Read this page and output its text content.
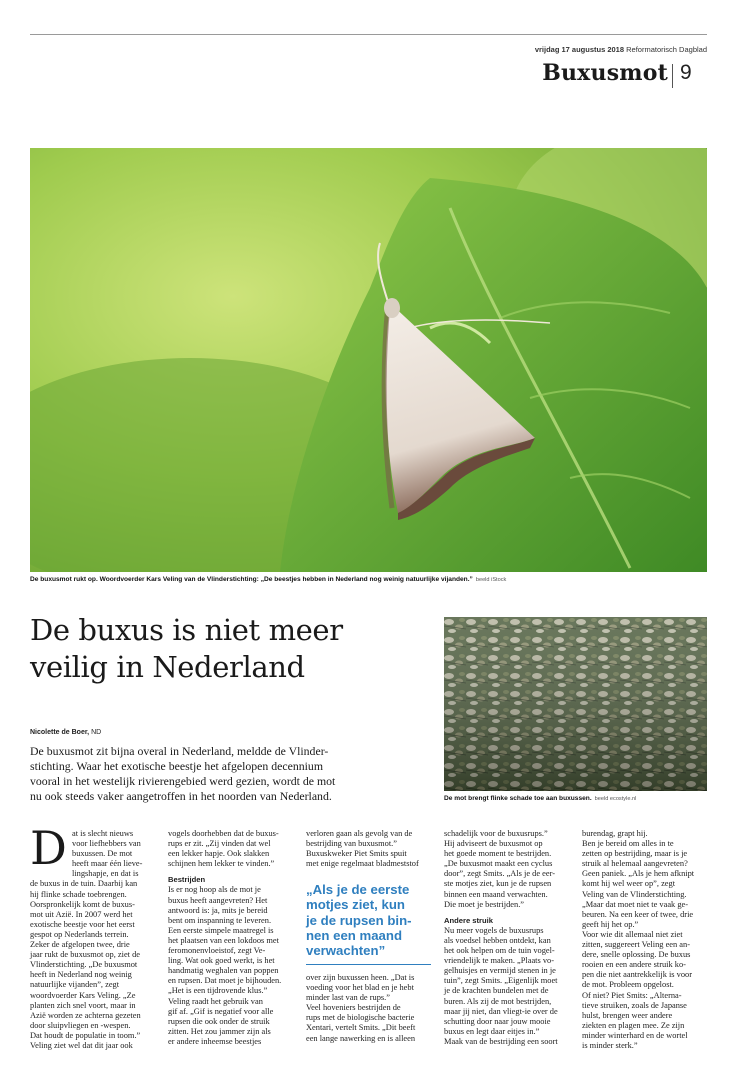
vrijdag 17 augustus 2018 Reformatorisch Dagblad
Buxusmot 9
De buxusmot rukt op. Woordvoerder Kars Veling van de Vlinderstichting: „De beestjes hebben in Nederland nog weinig natuurlijke vijanden.” beeld iStock
De buxus is niet meer
veilig in Nederland
Nicolette de Boer, ND
De buxusmot zit bijna overal in Nederland, meldde de Vlinder-
stichting. Waar het exotische beestje het afgelopen decennium
vooral in het westelijk rivierengebied werd gezien, wordt de mot
nu ook steeds vaker aangetroffen in het noorden van Nederland.	De mot brengt flinke schade toe aan buxussen. beeld ecostyle.nl
D at is slecht nieuws

voor liefhebbers van

buxussen. De mot

heeft maar één lieve-

lingshapje, en dat is

de buxus in de tuin. Daarbij kan

hij flinke schade toebrengen.

Oorspronkelijk komt de buxus-

mot uit Azië. In 2007 werd het

exotische beestje voor het eerst

gespot op Nederlands terrein.

Zeker de afgelopen twee, drie

jaar rukt de buxusmot op, ziet de

Vlinderstichting. „De buxusmot

heeft in Nederland nog weinig

natuurlijke vijanden”, zegt

woordvoerder Kars Veling. „Ze

planten zich snel voort, maar in

Azië worden ze achterna gezeten

door sluipvliegen en -wespen.

Dat houdt de populatie in toom.”

Veling ziet wel dat dit jaar ook

vogels doorhebben dat de buxus-

rups er zit. „Zij vinden dat wel

een lekker hapje. Ook slakken

schijnen hem lekker te vinden.”

Bestrijden

Is er nog hoop als de mot je

buxus heeft aangevreten? Het

antwoord is: ja, mits je bereid

bent om inspanning te leveren.

Een eerste simpele maatregel is

het plaatsen van een lokdoos met

feromonenvloeistof, zegt Ve-

ling. Wat ook goed werkt, is het

handmatig weghalen van poppen

en rupsen. Dat moet je bijhouden.

„Het is een tijdrovende klus.”

Veling raadt het gebruik van

gif af. „Gif is negatief voor alle

rupsen die ook onder de struik

zitten. Het zou jammer zijn als

er andere inheemse beestjes

verloren gaan als gevolg van de

bestrijding van buxusmot.”

Buxuskweker Piet Smits spuit

met enige regelmaat bladmeststof

„Als je de eerste
motjes ziet, kun
je de rupsen bin-
nen een maand
verwachten”

over zijn buxussen heen. „Dat is

voeding voor het blad en je hebt

minder last van de rups.”

Veel hoveniers bestrijden de

rups met de biologische bacterie

Xentari, vertelt Smits. „Dit beeft

een lange nawerking en is alleen

schadelijk voor de buxusrups.”

Hij adviseert de buxusmot op

het goede moment te bestrijden.

„De buxusmot maakt een cyclus

door”, zegt Smits. „Als je de eer-

ste motjes ziet, kun je de rupsen

binnen een maand verwachten.

Die moet je bestrijden.”

Andere struik

Nu meer vogels de buxusrups

als voedsel hebben ontdekt, kan

het ook helpen om de tuin vogel-

vriendelijk te maken. „Plaats vo-

gelhuisjes en vermijd stenen in je

tuin”, zegt Smits. „Eigenlijk moet

je de krachten bundelen met de

buren. Als zij de mot bestrijden,

maar jij niet, dan vliegt-ie over de

schutting door naar jouw mooie

buxus en legt daar eitjes in.”

Maak van de bestrijding een soort

burendag, grapt hij.

Ben je bereid om alles in te

zetten op bestrijding, maar is je

struik al helemaal aangevreten?

Geen paniek. „Als je hem afknipt

komt hij wel weer op”, zegt

Veling van de Vlinderstichting.

„Maar dat moet niet te vaak ge-

beuren. Na een keer of twee, drie

geeft hij het op.”

Voor wie dit allemaal niet ziet

zitten, suggereert Veling een an-

dere, snelle oplossing. De buxus

rooien en een andere struik ko-

pen die niet aantrekkelijk is voor

de mot. Probleem opgelost.

Of niet? Piet Smits: „Alterna-

tieve struiken, zoals de Japanse

hulst, brengen weer andere

ziekten en plagen mee. Ze zijn

minder winterhard en de wortel

is minder sterk.”
